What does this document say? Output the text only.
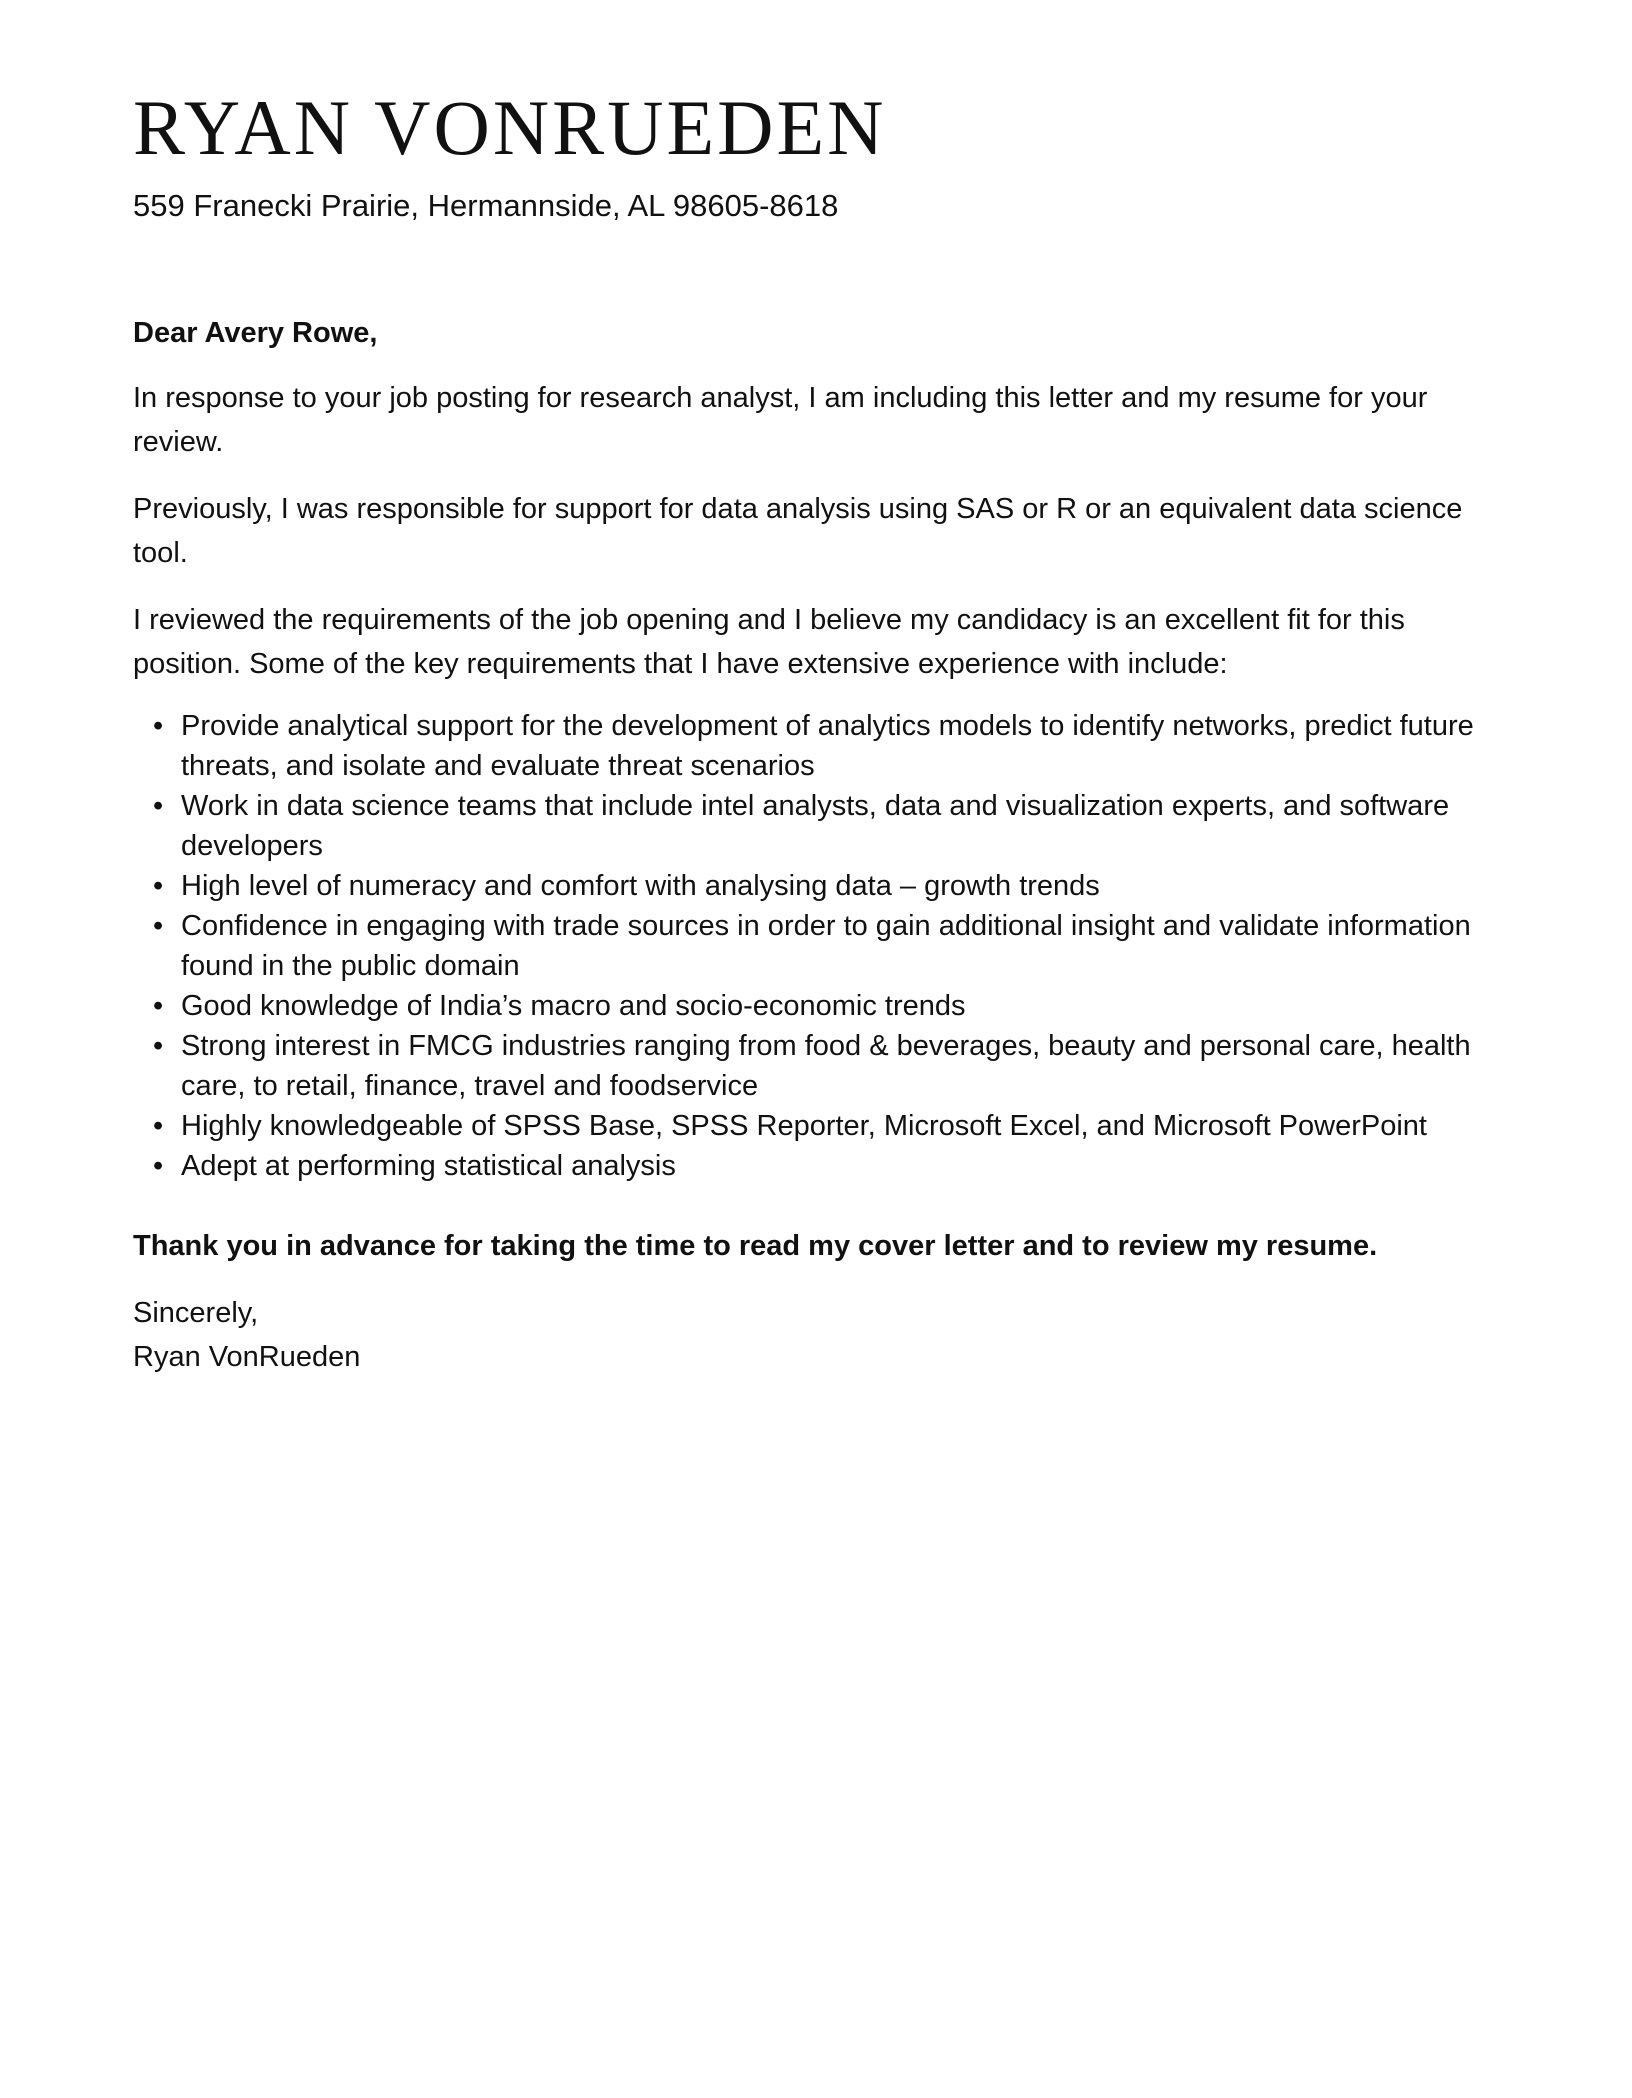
RYAN VONRUEDEN
559 Franecki Prairie, Hermannside, AL 98605-8618
Dear Avery Rowe,

In response to your job posting for research analyst, I am including this letter and my resume for your review.

Previously, I was responsible for support for data analysis using SAS or R or an equivalent data science tool.

I reviewed the requirements of the job opening and I believe my candidacy is an excellent fit for this position. Some of the key requirements that I have extensive experience with include:

• Provide analytical support for the development of analytics models to identify networks, predict future threats, and isolate and evaluate threat scenarios
• Work in data science teams that include intel analysts, data and visualization experts, and software developers
• High level of numeracy and comfort with analysing data – growth trends
• Confidence in engaging with trade sources in order to gain additional insight and validate information found in the public domain
• Good knowledge of India’s macro and socio-economic trends
• Strong interest in FMCG industries ranging from food & beverages, beauty and personal care, health care, to retail, finance, travel and foodservice
• Highly knowledgeable of SPSS Base, SPSS Reporter, Microsoft Excel, and Microsoft PowerPoint
• Adept at performing statistical analysis
Thank you in advance for taking the time to read my cover letter and to review my resume.
Sincerely,
Ryan VonRueden
